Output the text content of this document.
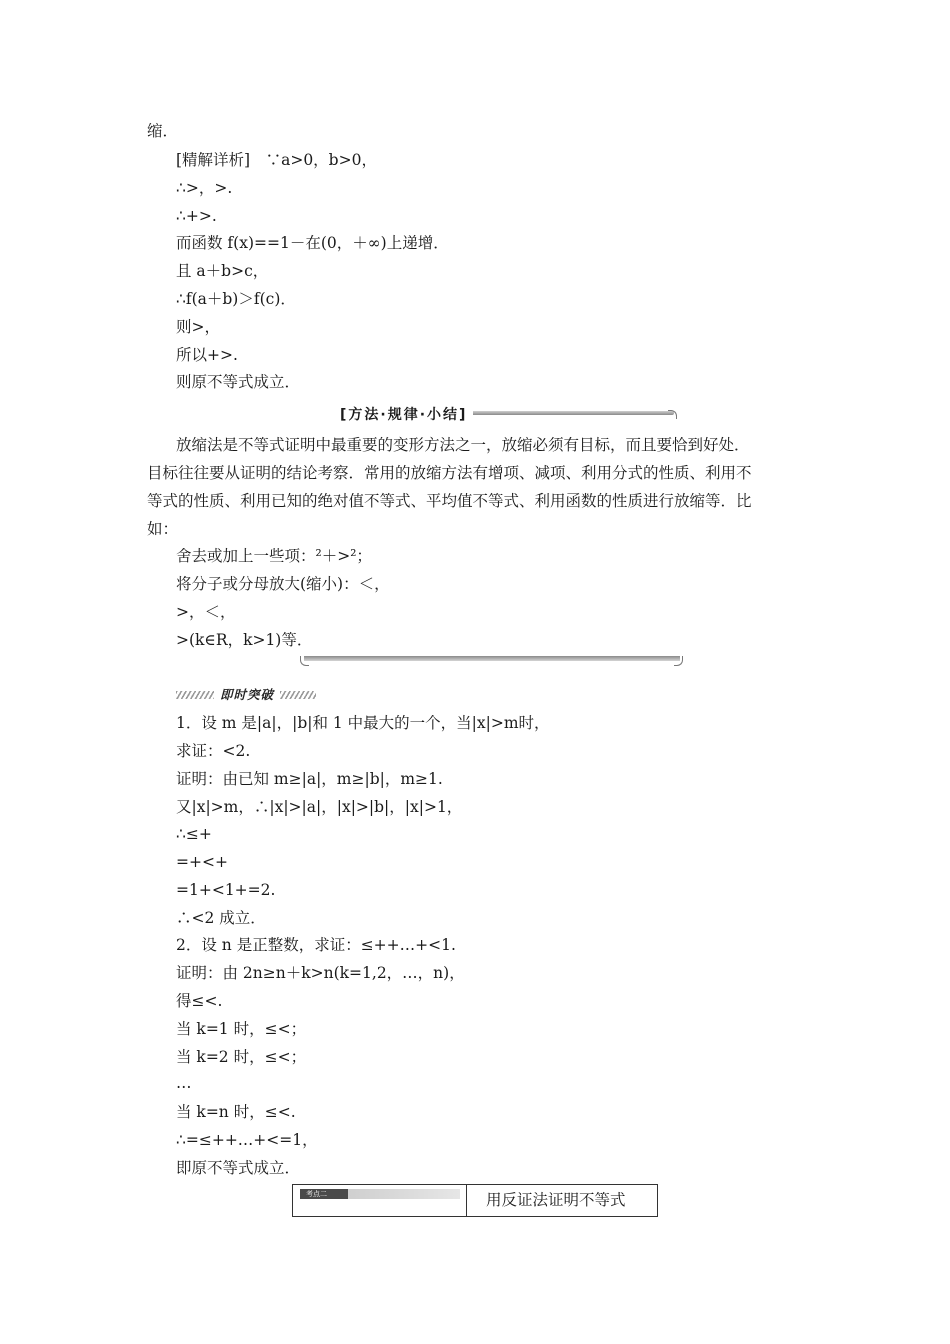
缩．
[精解详析]　∵a>0，b>0，
∴>，>.
∴+>.
而函数 f(x)==1－在(0，＋∞)上递增．
且 a＋b>c，
∴f(a＋b)＞f(c)．
则>，
所以+>.
则原不等式成立．
[方法·规律·小结]
放缩法是不等式证明中最重要的变形方法之一，放缩必须有目标，而且要恰到好处．
目标往往要从证明的结论考察．常用的放缩方法有增项、减项、利用分式的性质、利用不
等式的性质、利用已知的绝对值不等式、平均值不等式、利用函数的性质进行放缩等．比
如：
舍去或加上一些项：²＋>²；
将分子或分母放大(缩小)：＜，
>，＜，
>(k∈R，k>1)等．
即时突破
1．设 m 是|a|，|b|和 1 中最大的一个，当|x|>m时，
求证：<2.
证明：由已知 m≥|a|，m≥|b|，m≥1.
又|x|>m，∴|x|>|a|，|x|>|b|，|x|>1，
∴≤+
=+<+
=1+<1+=2.
∴<2 成立．
2．设 n 是正整数，求证：≤++…+<1.
证明：由 2n≥n＋k>n(k=1,2，…，n)，
得≤<.
当 k=1 时，≤<；
当 k=2 时，≤<；
…
当 k=n 时，≤<.
∴=≤++…+<=1，
即原不等式成立．
考点二	用反证法证明不等式
